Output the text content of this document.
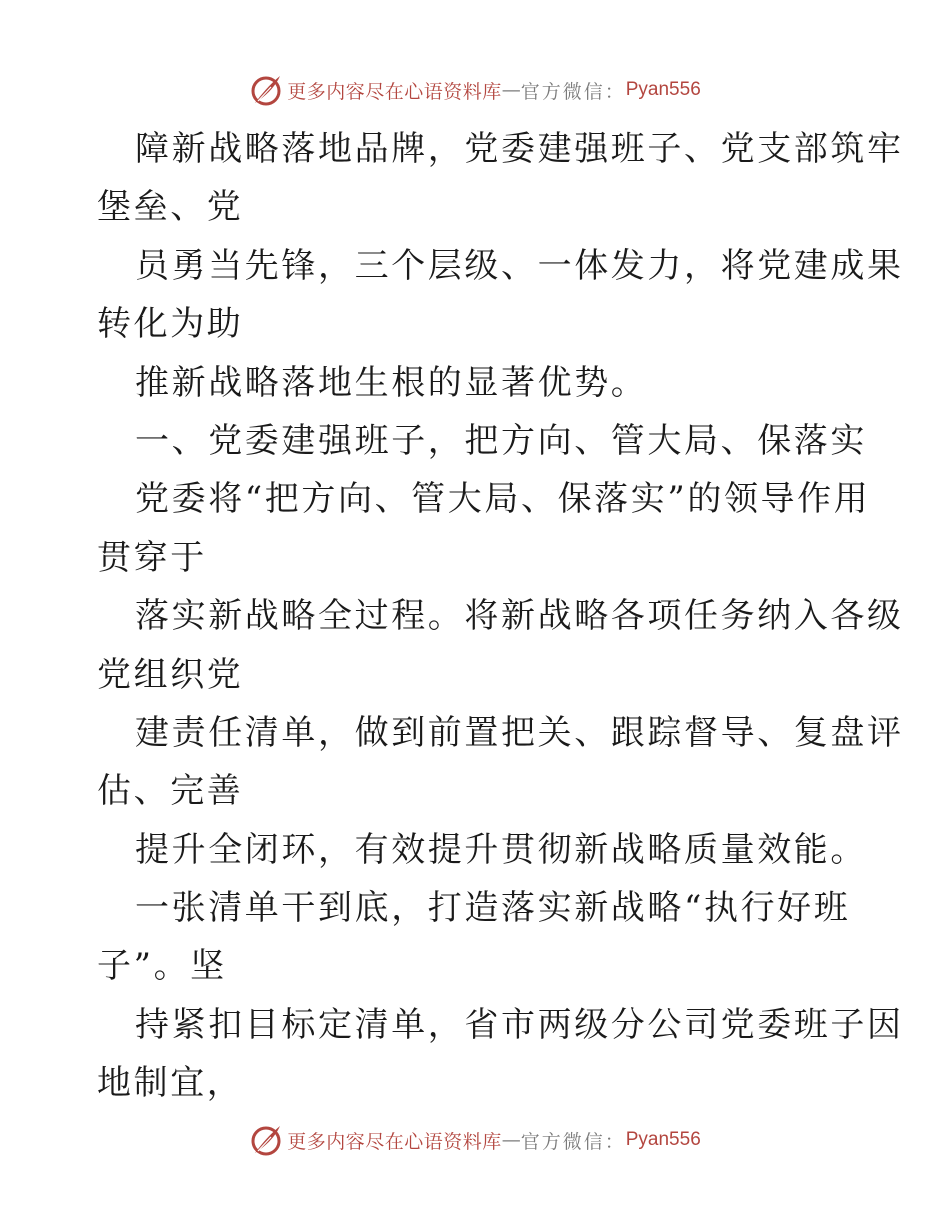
更多内容尽在心语资料库 — 官方微信： Pyan556
障新战略落地品牌，党委建强班子、党支部筑牢
堡垒、党
员勇当先锋，三个层级、一体发力，将党建成果
转化为助
推新战略落地生根的显著优势。
一、党委建强班子，把方向、管大局、保落实
党委将“把方向、管大局、保落实”的领导作用
贯穿于
落实新战略全过程。将新战略各项任务纳入各级
党组织党
建责任清单，做到前置把关、跟踪督导、复盘评
估、完善
提升全闭环，有效提升贯彻新战略质量效能。
一张清单干到底，打造落实新战略“执行好班
子”。坚
持紧扣目标定清单，省市两级分公司党委班子因
地制宜，
更多内容尽在心语资料库 — 官方微信： Pyan556
